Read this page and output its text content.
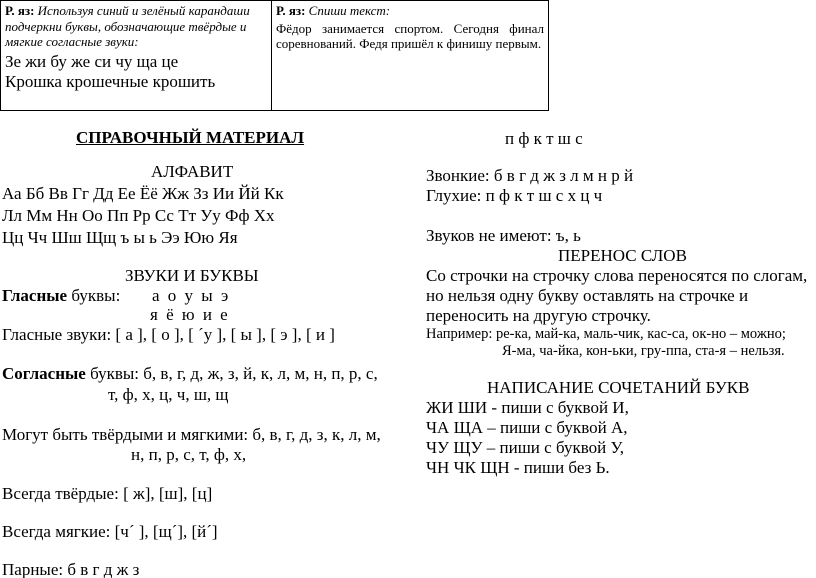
Р. яз: Используя синий и зелёный карандаши подчеркни буквы, обозначающие твёрдые и мягкие согласные звуки:
Зе жи бу же си чу ща це
Крошка крошечные крошить
Р. яз: Спиши текст:
Фёдор занимается спортом. Сегодня финал соревнований. Федя пришёл к финишу первым.
СПРАВОЧНЫЙ МАТЕРИАЛ
АЛФАВИТ
Аа Бб Вв Гг Дд Ее Ёё Жж Зз Ии Йй Кк
Лл Мм Нн Оо Пп Рр Сс Тт Уу Фф Хх
Цц Чч Шш Щщ ъ ы ь Ээ Юю Яя
ЗВУКИ И БУКВЫ
Гласные буквы: а о у ы э
я ё ю и е
Гласные звуки: [ а ], [ о ], [ ´у ], [ ы ], [ э ], [ и ]
Согласные буквы: б, в, г, д, ж, з, й, к, л, м, н, п, р, с,
т, ф, х, ц, ч, ш, щ
Могут быть твёрдыми и мягкими: б, в, г, д, з, к, л, м,
н, п, р, с, т, ф, х,
Всегда твёрдые: [ ж], [ш], [ц]
Всегда мягкие: [ч´ ], [щ´], [й´]
Парные: б в г д ж з
п ф к т ш с
Звонкие: б в г д ж з л м н р й
Глухие: п ф к т ш с х ц ч
Звуков не имеют: ъ, ь
ПЕРЕНОС СЛОВ
Со строчки на строчку слова переносятся по слогам,
но нельзя одну букву оставлять на строчке и
переносить на другую строчку.
Например: ре-ка, май-ка, маль-чик, кас-са, ок-но – можно;
Я-ма, ча-йка, кон-ьки, гру-ппа, ста-я – нельзя.
НАПИСАНИЕ СОЧЕТАНИЙ БУКВ
ЖИ ШИ - пиши с буквой И,
ЧА ЩА – пиши с буквой А,
ЧУ ЩУ – пиши с буквой У,
ЧН ЧК ЩН - пиши без Ь.
